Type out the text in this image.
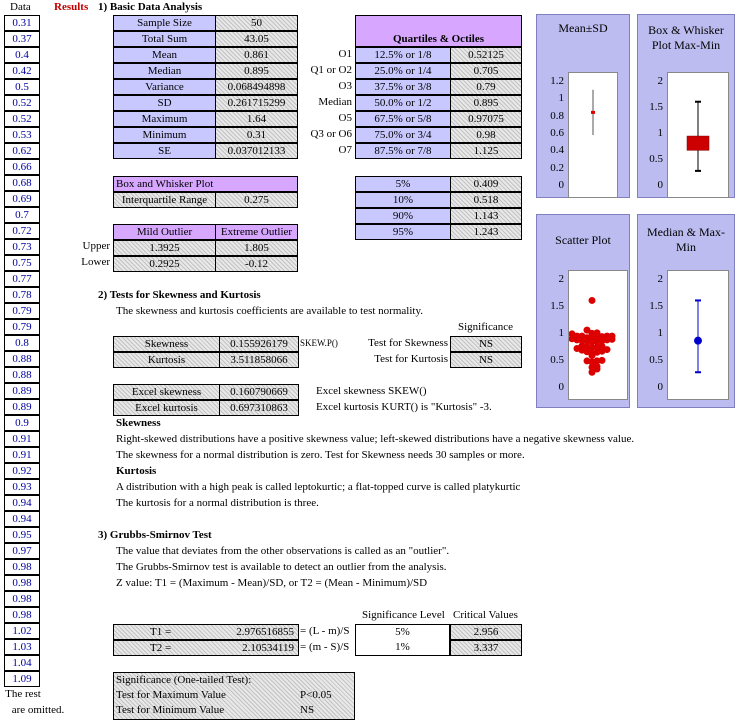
Data Results 1) Basic Data Analysis
0.31
0.37
0.4
0.42
0.5
0.52
0.52
0.53
0.62
0.66
0.68
0.69
0.7
0.72
0.73
0.75
0.77
0.78
0.79
0.79
0.8
0.88
0.88
0.89
0.89
0.9
0.91
0.91
0.92
0.93
0.94
0.94
0.95
0.97
0.98
0.98
0.98
0.98
1.02
1.03
1.04
1.09
The rest
are omitted.
Sample Size	50
Total Sum	43.05
Mean	0.861
Median	0.895
Variance	0.068494898
SD	0.261715299
Maximum	1.64
Minimum	0.31
SE	0.037012133
Quartiles & Octiles
O1	12.5% or 1/8	0.52125
Q1 or O2	25.0% or 1/4	0.705
O3	37.5% or 3/8	0.79
Median	50.0% or 1/2	0.895
O5	67.5% or 5/8	0.97075
Q3 or O6	75.0% or 3/4	0.98
O7	87.5% or 7/8	1.125
5%	0.409
10%	0.518
90%	1.143
95%	1.243
Box and Whisker Plot
Interquartile Range	0.275
Mild Outlier	Extreme Outlier
Upper	1.3925	1.805
Lower	0.2925	-0.12
2) Tests for Skewness and Kurtosis
The skewness and kurtosis coefficients are available to test normality.
Significance
Skewness	0.155926179	SKEW.P()	Test for Skewness	NS
Kurtosis	3.511858066	Test for Kurtosis	NS
Excel skewness	0.160790669	Excel skewness SKEW()
Excel kurtosis	0.697310863	Excel kurtosis KURT() is "Kurtosis" -3.
Skewness
Right-skewed distributions have a positive skewness value; left-skewed distributions have a negative skewness value.
The skewness for a normal distribution is zero. Test for Skewness needs 30 samples or more.
Kurtosis
A distribution with a high peak is called leptokurtic; a flat-topped curve is called platykurtic
The kurtosis for a normal distribution is three.
3) Grubbs-Smirnov Test
The value that deviates from the other observations is called as an "outlier".
The Grubbs-Smirnov test is available to detect an outlier from the analysis.
Z value: T1 = (Maximum - Mean)/SD, or T2 = (Mean - Minimum)/SD
Significance Level Critical Values
T1 =	2.976516855 = (L - m)/S	5%	2.956
T2 =	2.10534119 = (m - S)/S	1%	3.337
Significance (One-tailed Test):
Test for Maximum Value	P<0.05
Test for Minimum Value	NS
Mean±SD
0
0.2
0.4
0.6
0.8
1
1.2
Box & Whisker Plot Max-Min
0
0.5
1
1.5
2
Scatter Plot
0
0.5
1
1.5
2
Median & Max-Min
0
0.5
1
1.5
2
